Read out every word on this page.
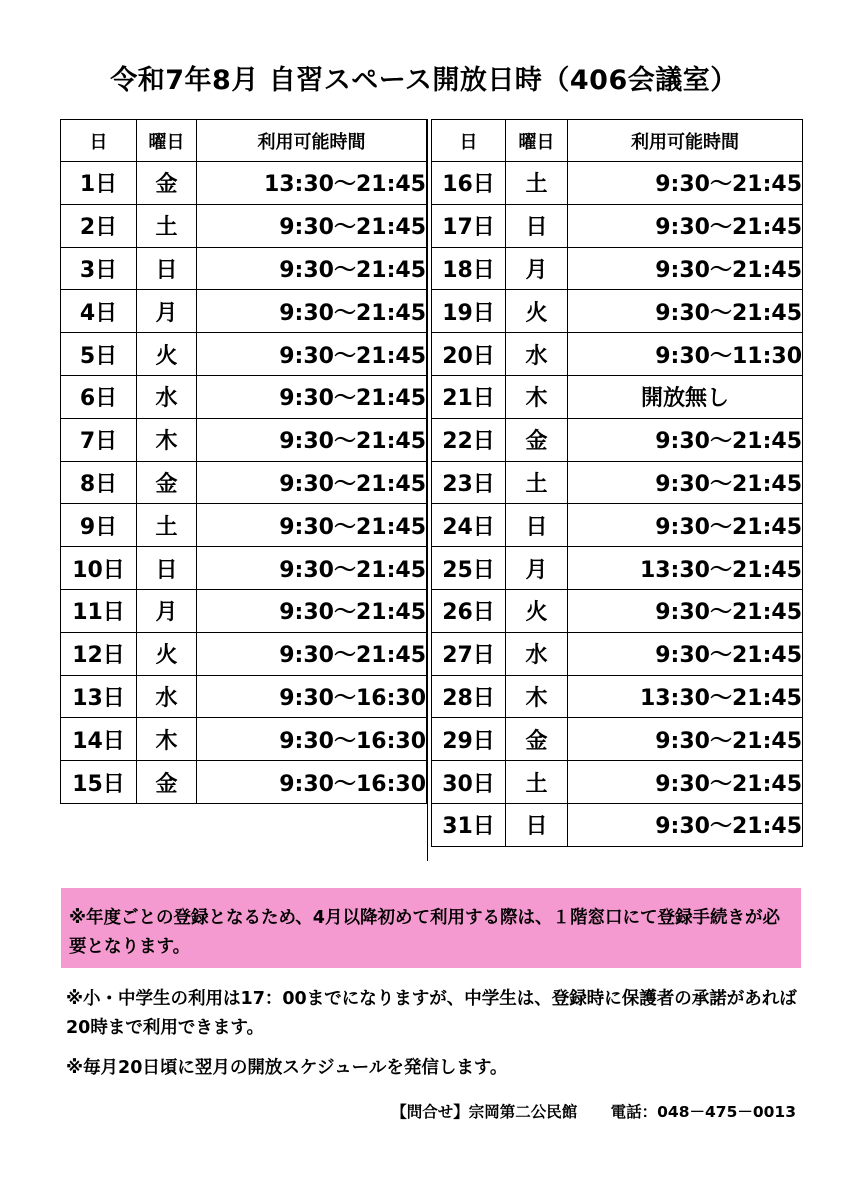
令和7年8月 自習スペース開放日時（406会議室）
日	曜日	利用可能時間
1日	金	13:30～21:45
2日	土	9:30～21:45
3日	日	9:30～21:45
4日	月	9:30～21:45
5日	火	9:30～21:45
6日	水	9:30～21:45
7日	木	9:30～21:45
8日	金	9:30～21:45
9日	土	9:30～21:45
10日	日	9:30～21:45
11日	月	9:30～21:45
12日	火	9:30～21:45
13日	水	9:30～16:30
14日	木	9:30～16:30
15日	金	9:30～16:30
日	曜日	利用可能時間
16日	土	9:30～21:45
17日	日	9:30～21:45
18日	月	9:30～21:45
19日	火	9:30～21:45
20日	水	9:30～11:30
21日	木	開放無し
22日	金	9:30～21:45
23日	土	9:30～21:45
24日	日	9:30～21:45
25日	月	13:30～21:45
26日	火	9:30～21:45
27日	水	9:30～21:45
28日	木	13:30～21:45
29日	金	9:30～21:45
30日	土	9:30～21:45
31日	日	9:30～21:45
※年度ごとの登録となるため、4月以降初めて利用する際は、１階窓口にて登録手続きが必要となります。
※小・中学生の利用は17：00までになりますが、中学生は、登録時に保護者の承諾があれば20時まで利用できます。
※毎月20日頃に翌月の開放スケジュールを発信します。
【問合せ】宗岡第二公民館 電話：048－475－0013
